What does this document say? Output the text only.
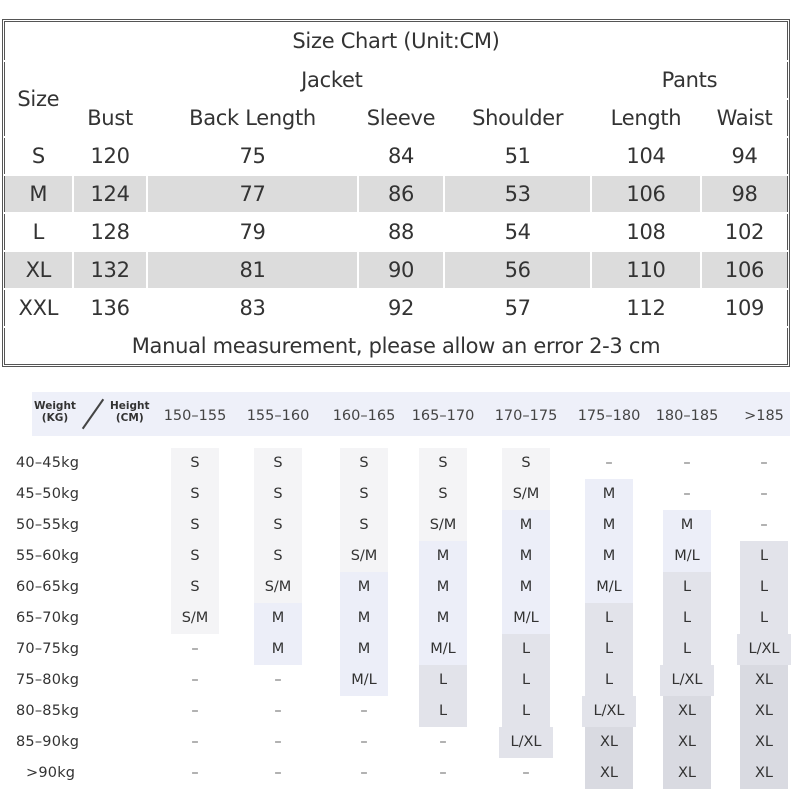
Size Chart (Unit:CM)						
Size	Jacket				Pants	
	Bust	Back Length	Sleeve	Shoulder	Length	Waist
S	120	75	84	51	104	94
M	124	77	86	53	106	98
L	128	79	88	54	108	102
XL	132	81	90	56	110	106
XXL	136	83	92	57	112	109
Manual measurement, please allow an error 2-3 cm						
Weight
(KG)
Height
(CM)	150–155	155–160	160–165	165–170	170–175	175–180	180–185	>185
40–45kg	S	S	S	S	S	–	–	–
45–50kg	S	S	S	S	S/M	M	–	–
50–55kg	S	S	S	S/M	M	M	M	–
55–60kg	S	S	S/M	M	M	M	M/L	L
60–65kg	S	S/M	M	M	M	M/L	L	L
65–70kg	S/M	M	M	M	M/L	L	L	L
70–75kg	–	M	M	M/L	L	L	L	L/XL
75–80kg	–	–	M/L	L	L	L	L/XL	XL
80–85kg	–	–	–	L	L	L/XL	XL	XL
85–90kg	–	–	–	–	L/XL	XL	XL	XL
>90kg	–	–	–	–	–	XL	XL	XL
